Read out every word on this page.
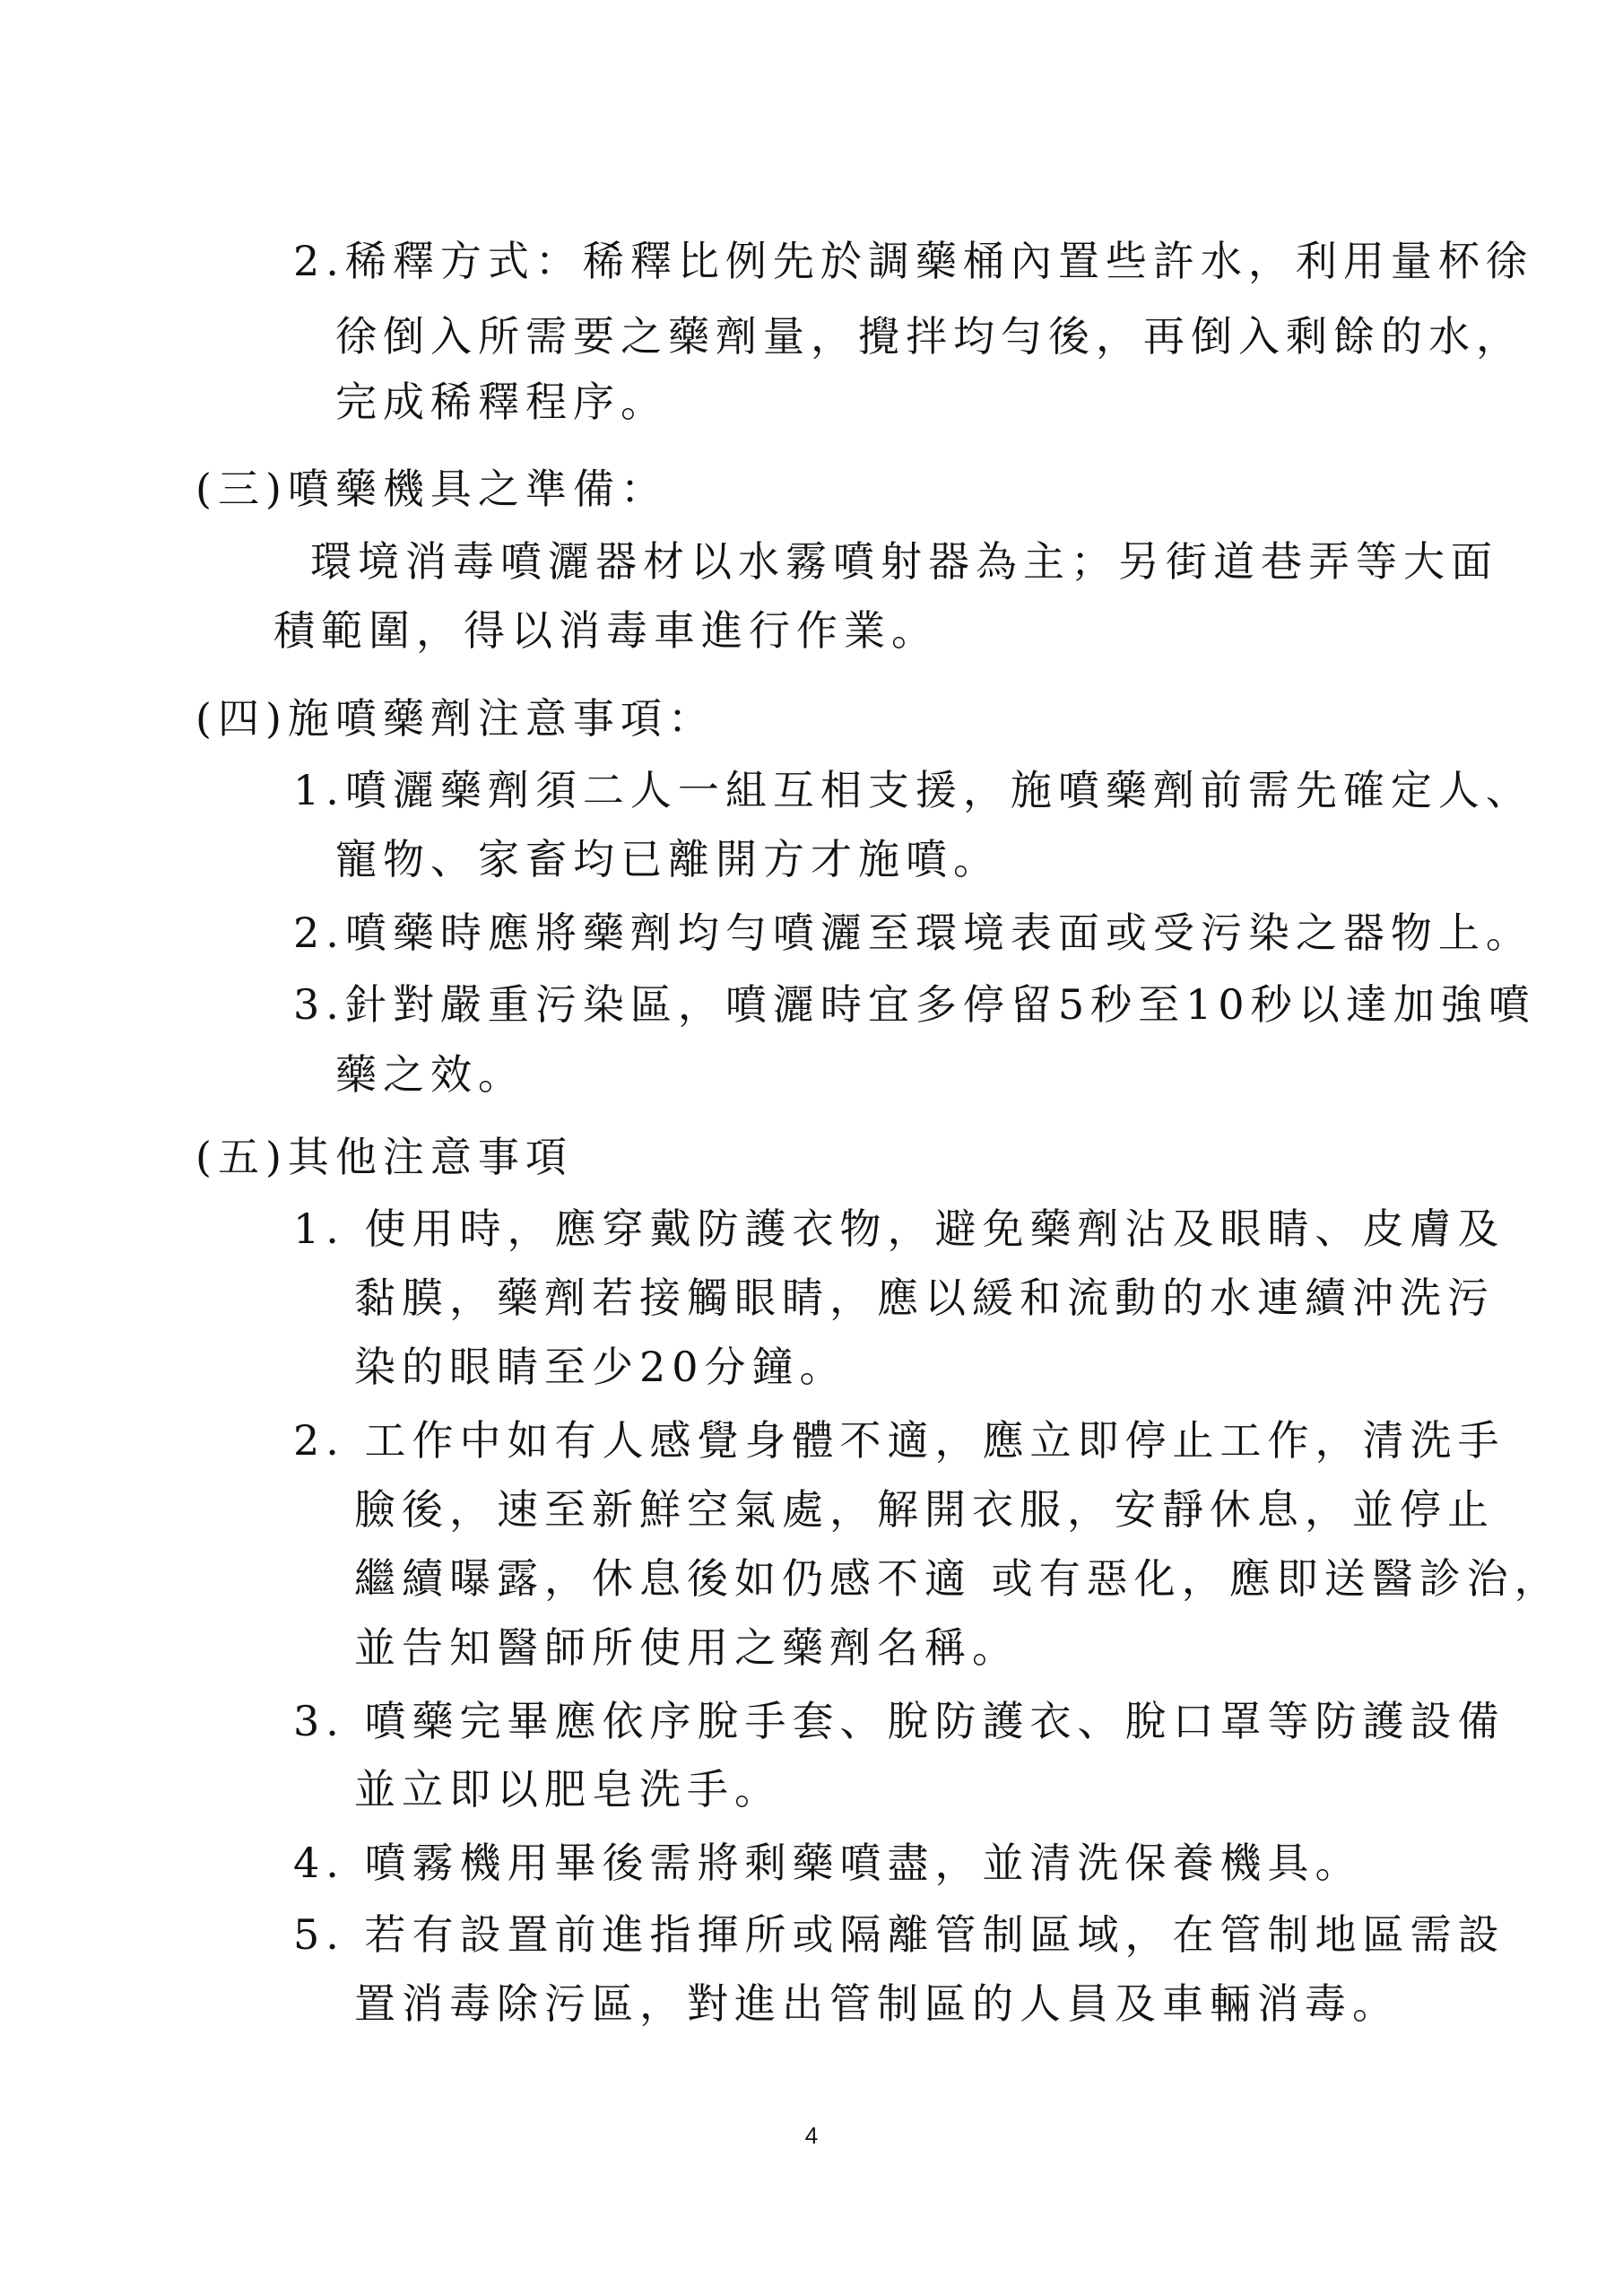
2.稀釋方式：稀釋比例先於調藥桶內置些許水，利用量杯徐
徐倒入所需要之藥劑量，攪拌均勻後，再倒入剩餘的水，
完成稀釋程序。
(三)噴藥機具之準備：
環境消毒噴灑器材以水霧噴射器為主；另街道巷弄等大面
積範圍，得以消毒車進行作業。
(四)施噴藥劑注意事項：
1.噴灑藥劑須二人一組互相支援，施噴藥劑前需先確定人、
寵物、家畜均已離開方才施噴。
2.噴藥時應將藥劑均勻噴灑至環境表面或受污染之器物上。
3.針對嚴重污染區，噴灑時宜多停留5秒至10秒以達加強噴
藥之效。
(五)其他注意事項
1. 使用時，應穿戴防護衣物，避免藥劑沾及眼睛、皮膚及
黏膜，藥劑若接觸眼睛，應以緩和流動的水連續沖洗污
染的眼睛至少20分鐘。
2. 工作中如有人感覺身體不適，應立即停止工作，清洗手
臉後，速至新鮮空氣處，解開衣服，安靜休息，並停止
繼續曝露，休息後如仍感不適 或有惡化，應即送醫診治，
並告知醫師所使用之藥劑名稱。
3. 噴藥完畢應依序脫手套、脫防護衣、脫口罩等防護設備
並立即以肥皂洗手。
4. 噴霧機用畢後需將剩藥噴盡，並清洗保養機具。
5. 若有設置前進指揮所或隔離管制區域，在管制地區需設
置消毒除污區，對進出管制區的人員及車輛消毒。
4
